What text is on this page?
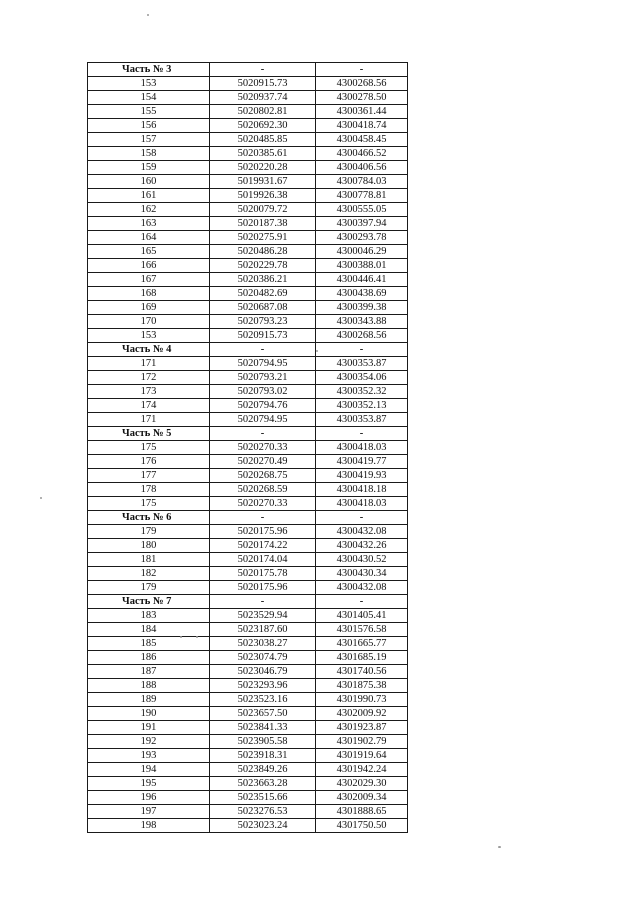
Часть № 3	-	-
153	5020915.73	4300268.56
154	5020937.74	4300278.50
155	5020802.81	4300361.44
156	5020692.30	4300418.74
157	5020485.85	4300458.45
158	5020385.61	4300466.52
159	5020220.28	4300406.56
160	5019931.67	4300784.03
161	5019926.38	4300778.81
162	5020079.72	4300555.05
163	5020187.38	4300397.94
164	5020275.91	4300293.78
165	5020486.28	4300046.29
166	5020229.78	4300388.01
167	5020386.21	4300446.41
168	5020482.69	4300438.69
169	5020687.08	4300399.38
170	5020793.23	4300343.88
153	5020915.73	4300268.56
Часть № 4	-	-
171	5020794.95	4300353.87
172	5020793.21	4300354.06
173	5020793.02	4300352.32
174	5020794.76	4300352.13
171	5020794.95	4300353.87
Часть № 5	-	-
175	5020270.33	4300418.03
176	5020270.49	4300419.77
177	5020268.75	4300419.93
178	5020268.59	4300418.18
175	5020270.33	4300418.03
Часть № 6	-	-
179	5020175.96	4300432.08
180	5020174.22	4300432.26
181	5020174.04	4300430.52
182	5020175.78	4300430.34
179	5020175.96	4300432.08
Часть № 7	-	-
183	5023529.94	4301405.41
184	5023187.60	4301576.58
185	5023038.27	4301665.77
186	5023074.79	4301685.19
187	5023046.79	4301740.56
188	5023293.96	4301875.38
189	5023523.16	4301990.73
190	5023657.50	4302009.92
191	5023841.33	4301923.87
192	5023905.58	4301902.79
193	5023918.31	4301919.64
194	5023849.26	4301942.24
195	5023663.28	4302029.30
196	5023515.66	4302009.34
197	5023276.53	4301888.65
198	5023023.24	4301750.50
